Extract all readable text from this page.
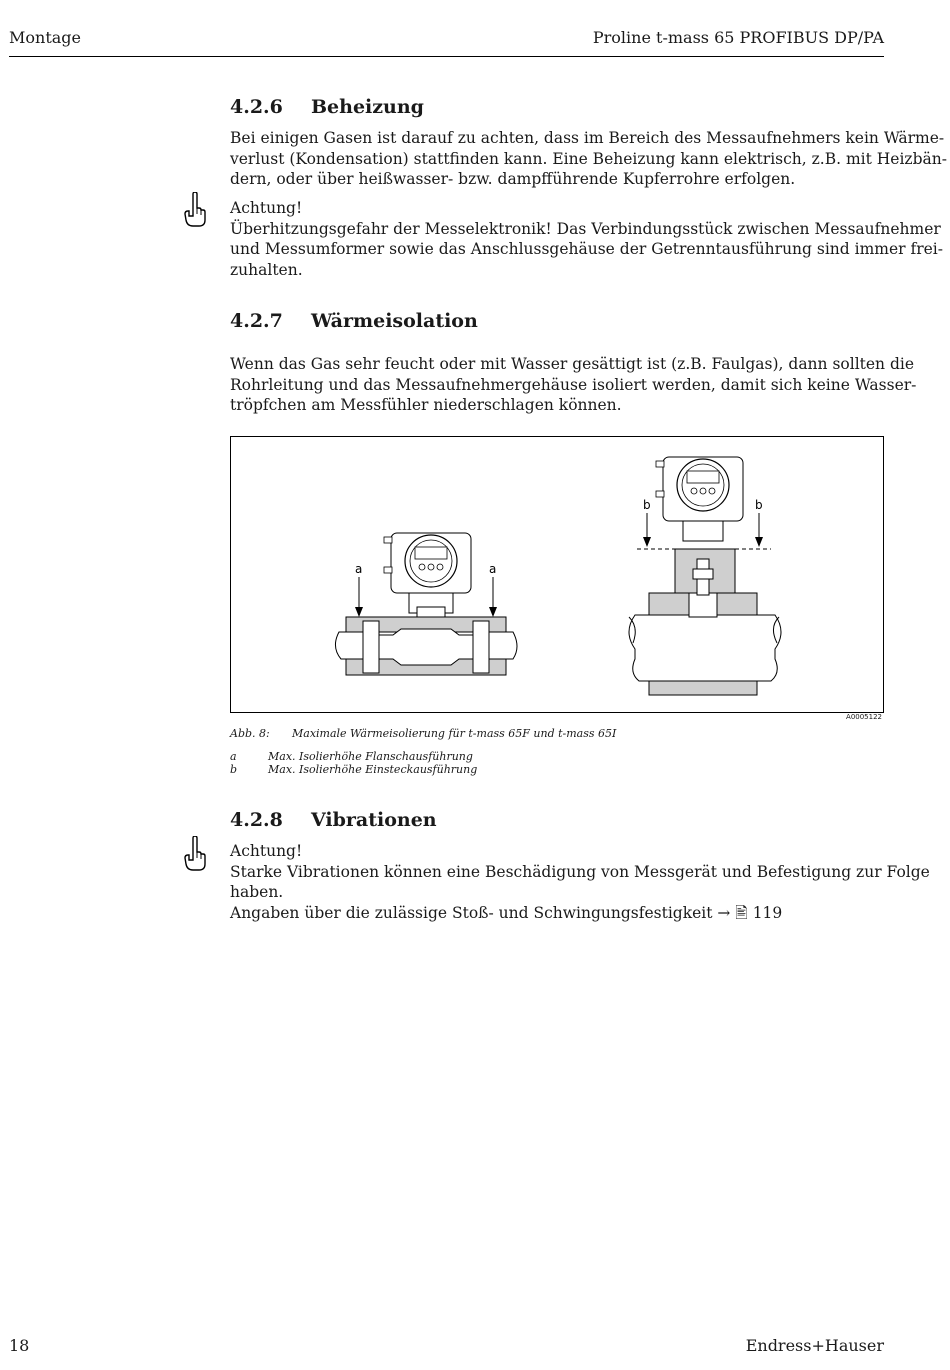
Montage	Proline t-mass 65 PROFIBUS DP/PA
4.2.6 Beheizung

Bei einigen Gasen ist darauf zu achten, dass im Bereich des Messaufnehmers kein Wärme-
verlust (Kondensation) stattfinden kann. Eine Beheizung kann elektrisch, z.B. mit Heizbän-
dern, oder über heißwasser- bzw. dampfführende Kupferrohre erfolgen.

Achtung!
Überhitzungsgefahr der Messelektronik! Das Verbindungsstück zwischen Messaufnehmer
und Messumformer sowie das Anschlussgehäuse der Getrenntausführung sind immer frei-
zuhalten.

4.2.7 Wärmeisolation

Wenn das Gas sehr feucht oder mit Wasser gesättigt ist (z.B. Faulgas), dann sollten die
Rohrleitung und das Messaufnehmergehäuse isoliert werden, damit sich keine Wasser-
tröpfchen am Messfühler niederschlagen können.

a	a
b	b
A0005122
Abb. 8: Maximale Wärmeisolierung für t-mass 65F und t-mass 65I
a	Max. Isolierhöhe Flanschausführung
b	Max. Isolierhöhe Einsteckausführung
4.2.8 Vibrationen

Achtung!
Starke Vibrationen können eine Beschädigung von Messgerät und Befestigung zur Folge
haben.
Angaben über die zulässige Stoß- und Schwingungsfestigkeit → 🖹 119

18	Endress+Hauser
